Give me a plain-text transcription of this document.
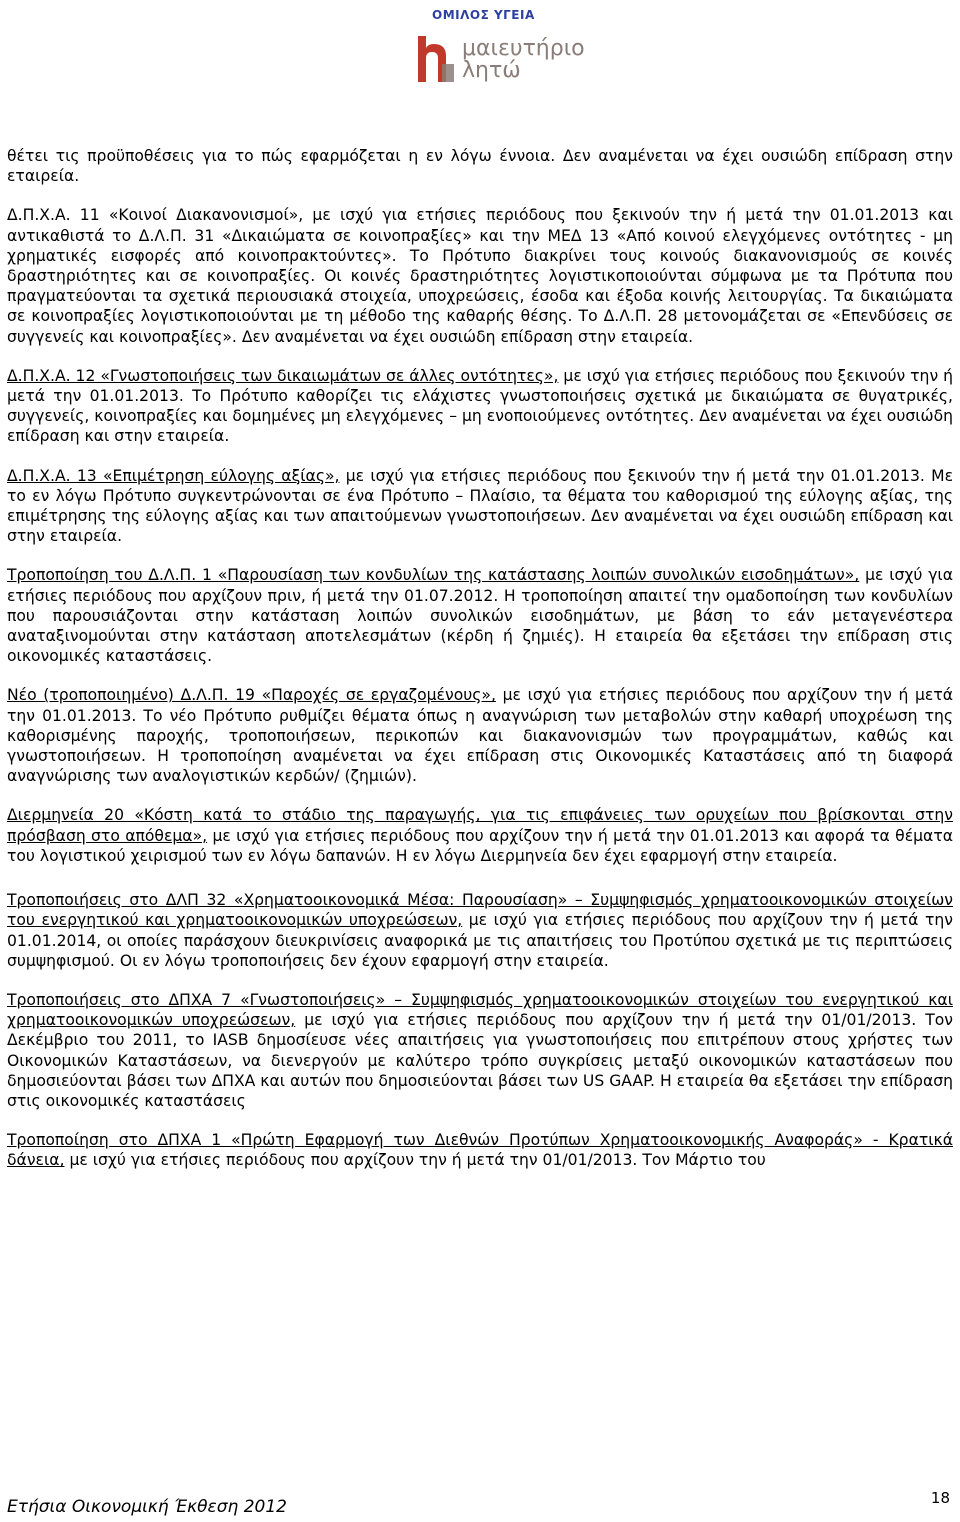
ΟΜΙΛΟΣ ΥΓΕΙΑ
μαιευτήριο
λητώ

θέτει τις προϋποθέσεις για το πώς εφαρμόζεται η εν λόγω έννοια. Δεν αναμένεται να έχει ουσιώδη επίδραση στην εταιρεία.

Δ.Π.Χ.Α. 11 «Κοινοί Διακανονισμοί», με ισχύ για ετήσιες περιόδους που ξεκινούν την ή μετά την 01.01.2013 και αντικαθιστά το Δ.Λ.Π. 31 «Δικαιώματα σε κοινοπραξίες» και την ΜΕΔ 13 «Από κοινού ελεγχόμενες οντότητες - μη χρηματικές εισφορές από κοινοπρακτούντες». Το Πρότυπο διακρίνει τους κοινούς διακανονισμούς σε κοινές δραστηριότητες και σε κοινοπραξίες. Οι κοινές δραστηριότητες λογιστικοποιούνται σύμφωνα με τα Πρότυπα που πραγματεύονται τα σχετικά περιουσιακά στοιχεία, υποχρεώσεις, έσοδα και έξοδα κοινής λειτουργίας. Τα δικαιώματα σε κοινοπραξίες λογιστικοποιούνται με τη μέθοδο της καθαρής θέσης. Το Δ.Λ.Π. 28 μετονομάζεται σε «Επενδύσεις σε συγγενείς και κοινοπραξίες». Δεν αναμένεται να έχει ουσιώδη επίδραση στην εταιρεία.

Δ.Π.Χ.Α. 12 «Γνωστοποιήσεις των δικαιωμάτων σε άλλες οντότητες», με ισχύ για ετήσιες περιόδους που ξεκινούν την ή μετά την 01.01.2013. Το Πρότυπο καθορίζει τις ελάχιστες γνωστοποιήσεις σχετικά με δικαιώματα σε θυγατρικές, συγγενείς, κοινοπραξίες και δομημένες μη ελεγχόμενες – μη ενοποιούμενες οντότητες. Δεν αναμένεται να έχει ουσιώδη επίδραση και στην εταιρεία.

Δ.Π.Χ.Α. 13 «Επιμέτρηση εύλογης αξίας», με ισχύ για ετήσιες περιόδους που ξεκινούν την ή μετά την 01.01.2013. Με το εν λόγω Πρότυπο συγκεντρώνονται σε ένα Πρότυπο – Πλαίσιο, τα θέματα του καθορισμού της εύλογης αξίας, της επιμέτρησης της εύλογης αξίας και των απαιτούμενων γνωστοποιήσεων. Δεν αναμένεται να έχει ουσιώδη επίδραση και στην εταιρεία.

Τροποποίηση του Δ.Λ.Π. 1 «Παρουσίαση των κονδυλίων της κατάστασης λοιπών συνολικών εισοδημάτων», με ισχύ για ετήσιες περιόδους που αρχίζουν πριν, ή μετά την 01.07.2012. Η τροποποίηση απαιτεί την ομαδοποίηση των κονδυλίων που παρουσιάζονται στην κατάσταση λοιπών συνολικών εισοδημάτων, με βάση το εάν μεταγενέστερα αναταξινομούνται στην κατάσταση αποτελεσμάτων (κέρδη ή ζημιές). Η εταιρεία θα εξετάσει την επίδραση στις οικονομικές καταστάσεις.

Νέο (τροποποιημένο) Δ.Λ.Π. 19 «Παροχές σε εργαζομένους», με ισχύ για ετήσιες περιόδους που αρχίζουν την ή μετά την 01.01.2013. Το νέο Πρότυπο ρυθμίζει θέματα όπως η αναγνώριση των μεταβολών στην καθαρή υποχρέωση της καθορισμένης παροχής, τροποποιήσεων, περικοπών και διακανονισμών των προγραμμάτων, καθώς και γνωστοποιήσεων. Η τροποποίηση αναμένεται να έχει επίδραση στις Οικονομικές Καταστάσεις από τη διαφορά αναγνώρισης των αναλογιστικών κερδών/ (ζημιών).

Διερμηνεία 20 «Κόστη κατά το στάδιο της παραγωγής, για τις επιφάνειες των ορυχείων που βρίσκονται στην πρόσβαση στο απόθεμα», με ισχύ για ετήσιες περιόδους που αρχίζουν την ή μετά την 01.01.2013 και αφορά τα θέματα του λογιστικού χειρισμού των εν λόγω δαπανών. Η εν λόγω Διερμηνεία δεν έχει εφαρμογή στην εταιρεία.

Τροποποιήσεις στο ΔΛΠ 32 «Χρηματοοικονομικά Μέσα: Παρουσίαση» – Συμψηφισμός χρηματοοικονομικών στοιχείων του ενεργητικού και χρηματοοικονομικών υποχρεώσεων, με ισχύ για ετήσιες περιόδους που αρχίζουν την ή μετά την 01.01.2014, οι οποίες παράσχουν διευκρινίσεις αναφορικά με τις απαιτήσεις του Προτύπου σχετικά με τις περιπτώσεις συμψηφισμού. Οι εν λόγω τροποποιήσεις δεν έχουν εφαρμογή στην εταιρεία.

Τροποποιήσεις στο ΔΠΧΑ 7 «Γνωστοποιήσεις» – Συμψηφισμός χρηματοοικονομικών στοιχείων του ενεργητικού και χρηματοοικονομικών υποχρεώσεων, με ισχύ για ετήσιες περιόδους που αρχίζουν την ή μετά την 01/01/2013. Τον Δεκέμβριο του 2011, το IASB δημοσίευσε νέες απαιτήσεις για γνωστοποιήσεις που επιτρέπουν στους χρήστες των Οικονομικών Καταστάσεων, να διενεργούν με καλύτερο τρόπο συγκρίσεις μεταξύ οικονομικών καταστάσεων που δημοσιεύονται βάσει των ΔΠΧΑ και αυτών που δημοσιεύονται βάσει των US GAAP. Η εταιρεία θα εξετάσει την επίδραση στις οικονομικές καταστάσεις

Τροποποίηση στο ΔΠΧΑ 1 «Πρώτη Εφαρμογή των Διεθνών Προτύπων Χρηματοοικονομικής Αναφοράς» - Κρατικά δάνεια, με ισχύ για ετήσιες περιόδους που αρχίζουν την ή μετά την 01/01/2013. Τον Μάρτιο του

Ετήσια Οικονομική Έκθεση 2012	18
